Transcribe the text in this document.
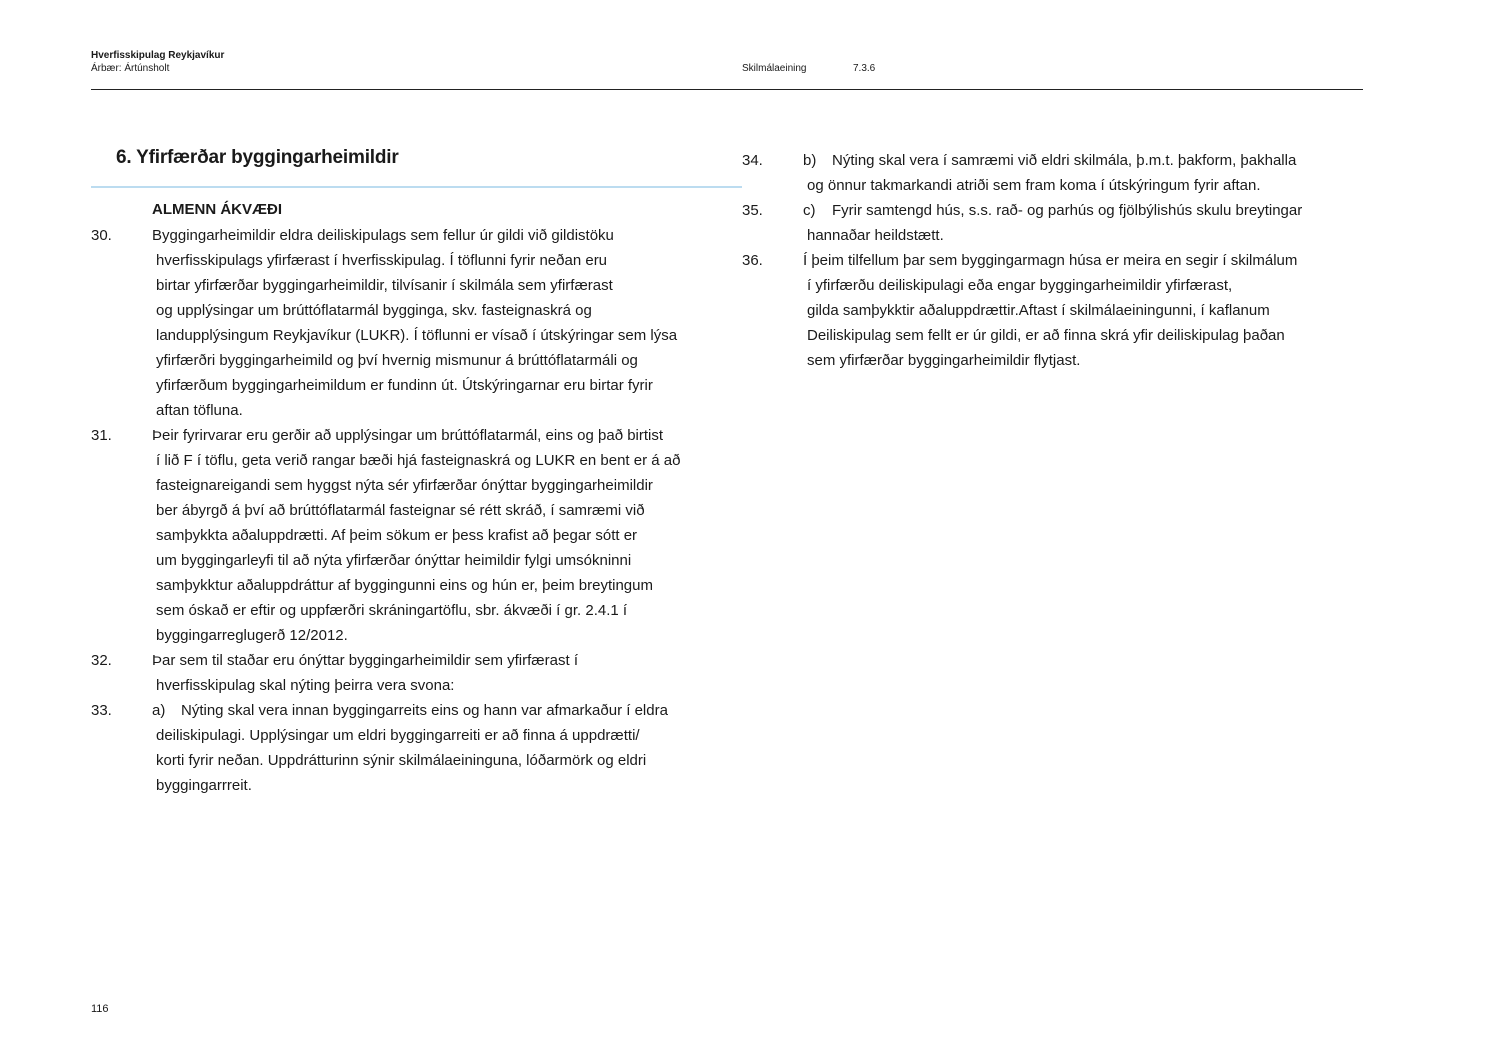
Hverfisskipulag Reykjavíkur
Árbær: Ártúnsholt	Skilmálaeining	7.3.6
6. Yfirfærðar byggingarheimildir
ALMENN ÁKVÆÐI
30.	Byggingarheimildir eldra deiliskipulags sem fellur úr gildi við gildistöku
hverfisskipulags yfirfærast í hverfisskipulag. Í töflunni fyrir neðan eru
birtar yfirfærðar byggingarheimildir, tilvísanir í skilmála sem yfirfærast
og upplýsingar um brúttóflatarmál bygginga, skv. fasteignaskrá og
landupplýsingum Reykjavíkur (LUKR). Í töflunni er vísað í útskýringar sem lýsa
yfirfærðri byggingarheimild og því hvernig mismunur á brúttóflatarmáli og
yfirfærðum byggingarheimildum er fundinn út. Útskýringarnar eru birtar fyrir
aftan töfluna.
31.	Þeir fyrirvarar eru gerðir að upplýsingar um brúttóflatarmál, eins og það birtist
í lið F í töflu, geta verið rangar bæði hjá fasteignaskrá og LUKR en bent er á að
fasteignareigandi sem hyggst nýta sér yfirfærðar ónýttar byggingarheimildir
ber ábyrgð á því að brúttóflatarmál fasteignar sé rétt skráð, í samræmi við
samþykkta aðaluppdrætti. Af þeim sökum er þess krafist að þegar sótt er
um byggingarleyfi til að nýta yfirfærðar ónýttar heimildir fylgi umsókninni
samþykktur aðaluppdráttur af byggingunni eins og hún er, þeim breytingum
sem óskað er eftir og uppfærðri skráningartöflu, sbr. ákvæði í gr. 2.4.1 í
byggingarreglugerð 12/2012.
32.	Þar sem til staðar eru ónýttar byggingarheimildir sem yfirfærast í
hverfisskipulag skal nýting þeirra vera svona:
33.	a) Nýting skal vera innan byggingarreits eins og hann var afmarkaður í eldra
deiliskipulagi. Upplýsingar um eldri byggingarreiti er að finna á uppdrætti/
korti fyrir neðan. Uppdrátturinn sýnir skilmálaeininguna, lóðarmörk og eldri
byggingarrreit.
34.	b) Nýting skal vera í samræmi við eldri skilmála, þ.m.t. þakform, þakhalla
og önnur takmarkandi atriði sem fram koma í útskýringum fyrir aftan.
35.	c) Fyrir samtengd hús, s.s. rað- og parhús og fjölbýlishús skulu breytingar
hannaðar heildstætt.
36.	Í þeim tilfellum þar sem byggingarmagn húsa er meira en segir í skilmálum
í yfirfærðu deiliskipulagi eða engar byggingarheimildir yfirfærast,
gilda samþykktir aðaluppdrættir.Aftast í skilmálaeiningunni, í kaflanum
Deiliskipulag sem fellt er úr gildi, er að finna skrá yfir deiliskipulag þaðan
sem yfirfærðar byggingarheimildir flytjast.
116
